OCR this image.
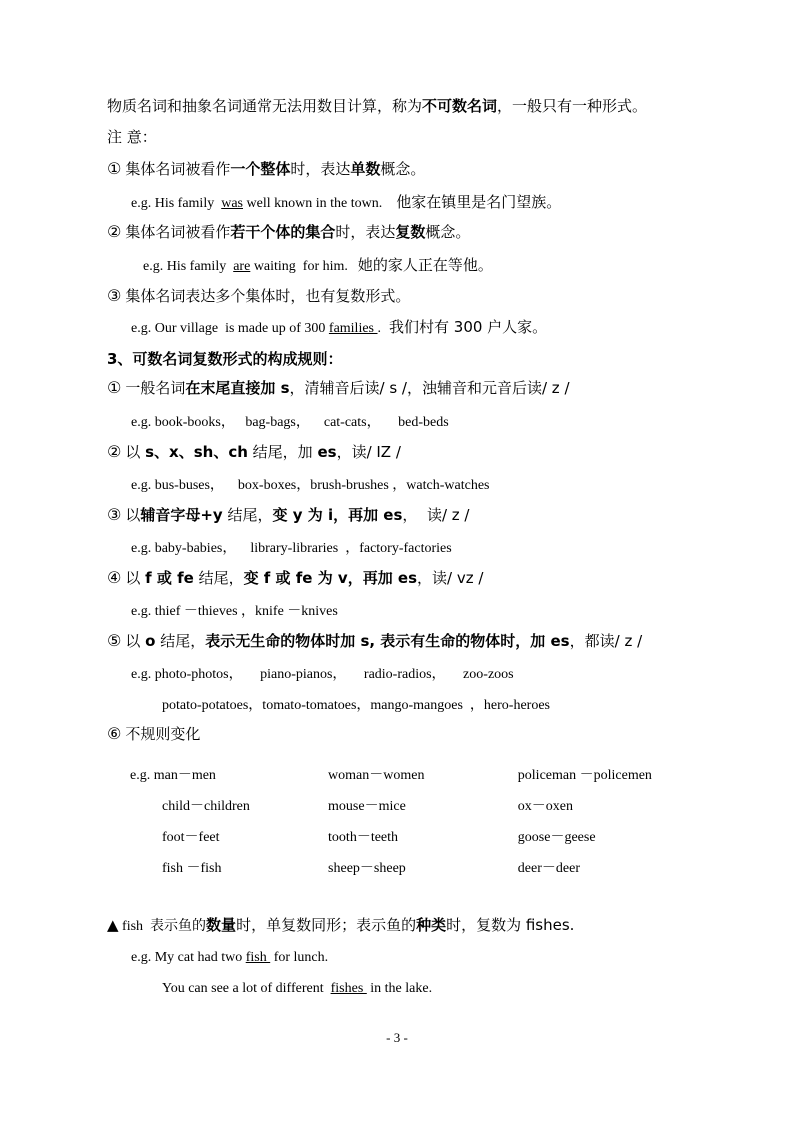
物质名词和抽象名词通常无法用数目计算，称为不可数名词，一般只有一种形式。
注 意：
① 集体名词被看作一个整体时，表达单数概念。
e.g. His family  was well known in the town. 他家在镇里是名门望族。
② 集体名词被看作若干个体的集合时，表达复数概念。
e.g. His family  are waiting  for him. 她的家人正在等他。
③ 集体名词表达多个集体时，也有复数形式。
e.g. Our village  is made up of 300 families . 我们村有 300 户人家。
3、可数名词复数形式的构成规则：
① 一般名词在末尾直接加 s，清辅音后读/ s /，浊辅音和元音后读/ z /
e.g. book-books，   bag-bags，    cat-cats，     bed-beds
② 以 s、x、sh、ch 结尾，加 es，读/ IZ /
e.g. bus-buses，    box-boxes，brush-brushes ，watch-watches
③ 以辅音字母+y 结尾，变 y 为 i，再加 es，  读/ z /
e.g. baby-babies，    library-libraries  ，factory-factories
④ 以 f 或 fe 结尾，变 f 或 fe 为 v，再加 es，读/ vz /
e.g. thief －thieves ，knife －knives
⑤ 以 o 结尾，表示无生命的物体时加 s, 表示有生命的物体时，加 es，都读/ z /
e.g. photo-photos，     piano-pianos，     radio-radios，     zoo-zoos
potato-potatoes，tomato-tomatoes，mango-mangoes  ，hero-heroes
⑥ 不规则变化
e.g. man－men	woman－women	policeman －policemen
child－children	mouse－mice	ox－oxen
foot－feet	tooth－teeth	goose－geese
fish －fish	sheep－sheep	deer－deer
▲ fish  表示鱼的数量时，单复数同形；表示鱼的种类时，复数为 fishes.
e.g. My cat had two fish  for lunch.
You can see a lot of different  fishes  in the lake.
- 3 -
